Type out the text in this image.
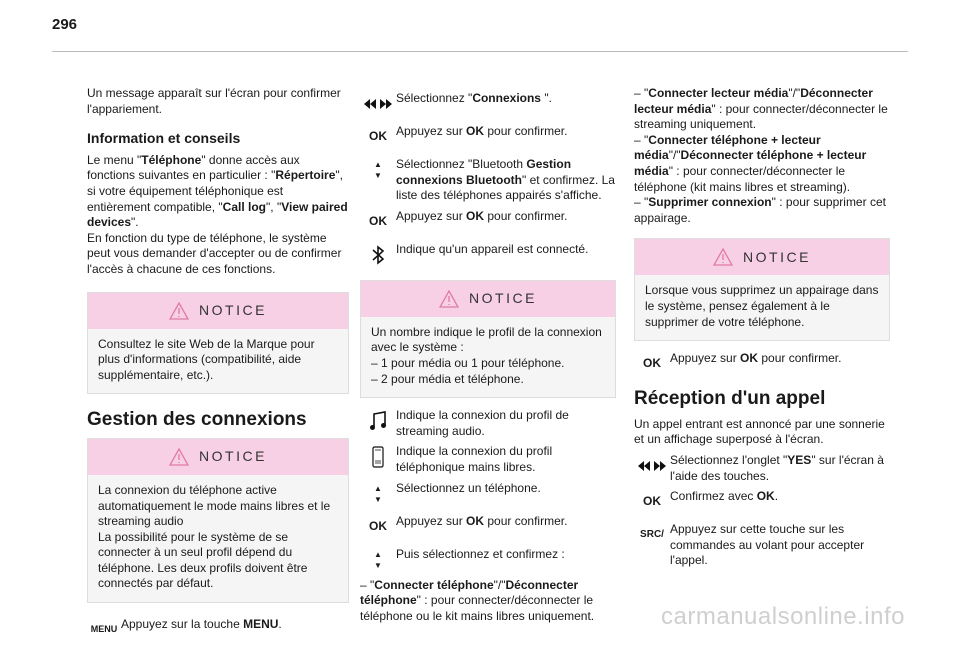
296

Un message apparaît sur l'écran pour confirmer l'appariement.

Information et conseils

Le menu "Téléphone" donne accès aux fonctions suivantes en particulier : "Répertoire", si votre équipement téléphonique est entièrement compatible, "Call log", "View paired devices".

En fonction du type de téléphone, le système peut vous demander d'accepter ou de confirmer l'accès à chacune de ces fonctions.

NOTICE
Consultez le site Web de la Marque pour plus d'informations (compatibilité, aide supplémentaire, etc.).
Gestion des connexions
NOTICE
La connexion du téléphone active automatiquement le mode mains libres et le streaming audio
La possibilité pour le système de se connecter à un seul profil dépend du téléphone. Les deux profils doivent être connectés par défaut.
MENU Appuyez sur la touche MENU.
Sélectionnez "Connexions ".
OK Appuyez sur OK pour confirmer.
▲
▼
Sélectionnez "Bluetooth Gestion connexions Bluetooth" et confirmez. La liste des téléphones appairés s'affiche.
OK Appuyez sur OK pour confirmer.
Indique qu'un appareil est connecté.
NOTICE
Un nombre indique le profil de la connexion avec le système :
– 1 pour média ou 1 pour téléphone.
– 2 pour média et téléphone.
Indique la connexion du profil de streaming audio.
Indique la connexion du profil téléphonique mains libres.
▲
▼
Sélectionnez un téléphone.
OK Appuyez sur OK pour confirmer.
▲
▼
Puis sélectionnez et confirmez :

– "Connecter téléphone"/"Déconnecter téléphone" : pour connecter/déconnecter le téléphone ou le kit mains libres uniquement.

– "Connecter lecteur média"/"Déconnecter lecteur média" : pour connecter/déconnecter le streaming uniquement.

– "Connecter téléphone + lecteur média"/"Déconnecter téléphone + lecteur média" : pour connecter/déconnecter le téléphone (kit mains libres et streaming).

– "Supprimer connexion" : pour supprimer cet appairage.

NOTICE
Lorsque vous supprimez un appairage dans le système, pensez également à le supprimer de votre téléphone.
OK Appuyez sur OK pour confirmer.
Réception d'un appel

Un appel entrant est annoncé par une sonnerie et un affichage superposé à l'écran.

Sélectionnez l'onglet "YES" sur l'écran à l'aide des touches.
OK Confirmez avec OK.
SRC/ Appuyez sur cette touche sur les commandes au volant pour accepter l'appel.
carmanualsonline.info
